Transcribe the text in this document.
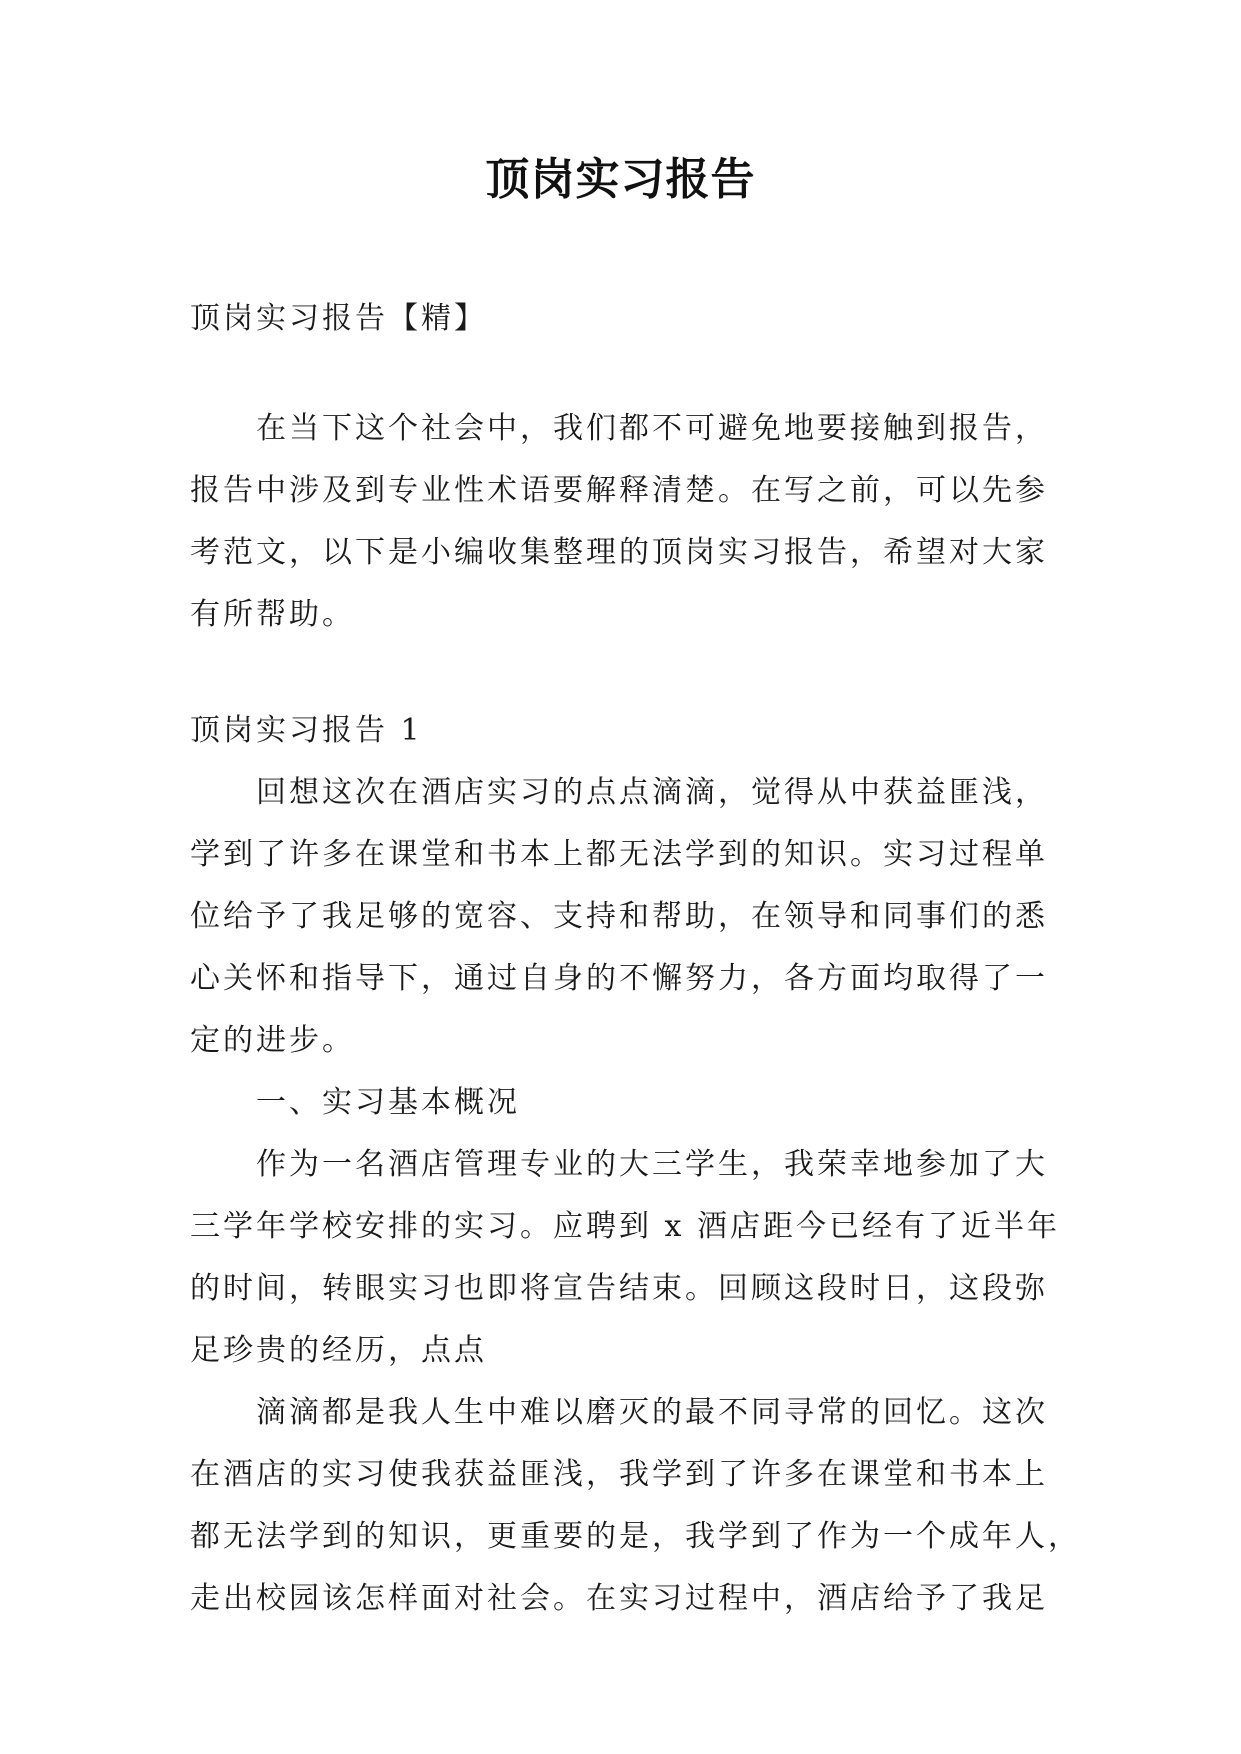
顶岗实习报告
顶岗实习报告【精】
在当下这个社会中，我们都不可避免地要接触到报告，
报告中涉及到专业性术语要解释清楚。在写之前，可以先参
考范文，以下是小编收集整理的顶岗实习报告，希望对大家
有所帮助。
顶岗实习报告 1
回想这次在酒店实习的点点滴滴，觉得从中获益匪浅，
学到了许多在课堂和书本上都无法学到的知识。实习过程单
位给予了我足够的宽容、支持和帮助，在领导和同事们的悉
心关怀和指导下，通过自身的不懈努力，各方面均取得了一
定的进步。
一、实习基本概况
作为一名酒店管理专业的大三学生，我荣幸地参加了大
三学年学校安排的实习。应聘到 x 酒店距今已经有了近半年
的时间，转眼实习也即将宣告结束。回顾这段时日，这段弥
足珍贵的经历，点点
滴滴都是我人生中难以磨灭的最不同寻常的回忆。这次
在酒店的实习使我获益匪浅，我学到了许多在课堂和书本上
都无法学到的知识，更重要的是，我学到了作为一个成年人，
走出校园该怎样面对社会。在实习过程中，酒店给予了我足
